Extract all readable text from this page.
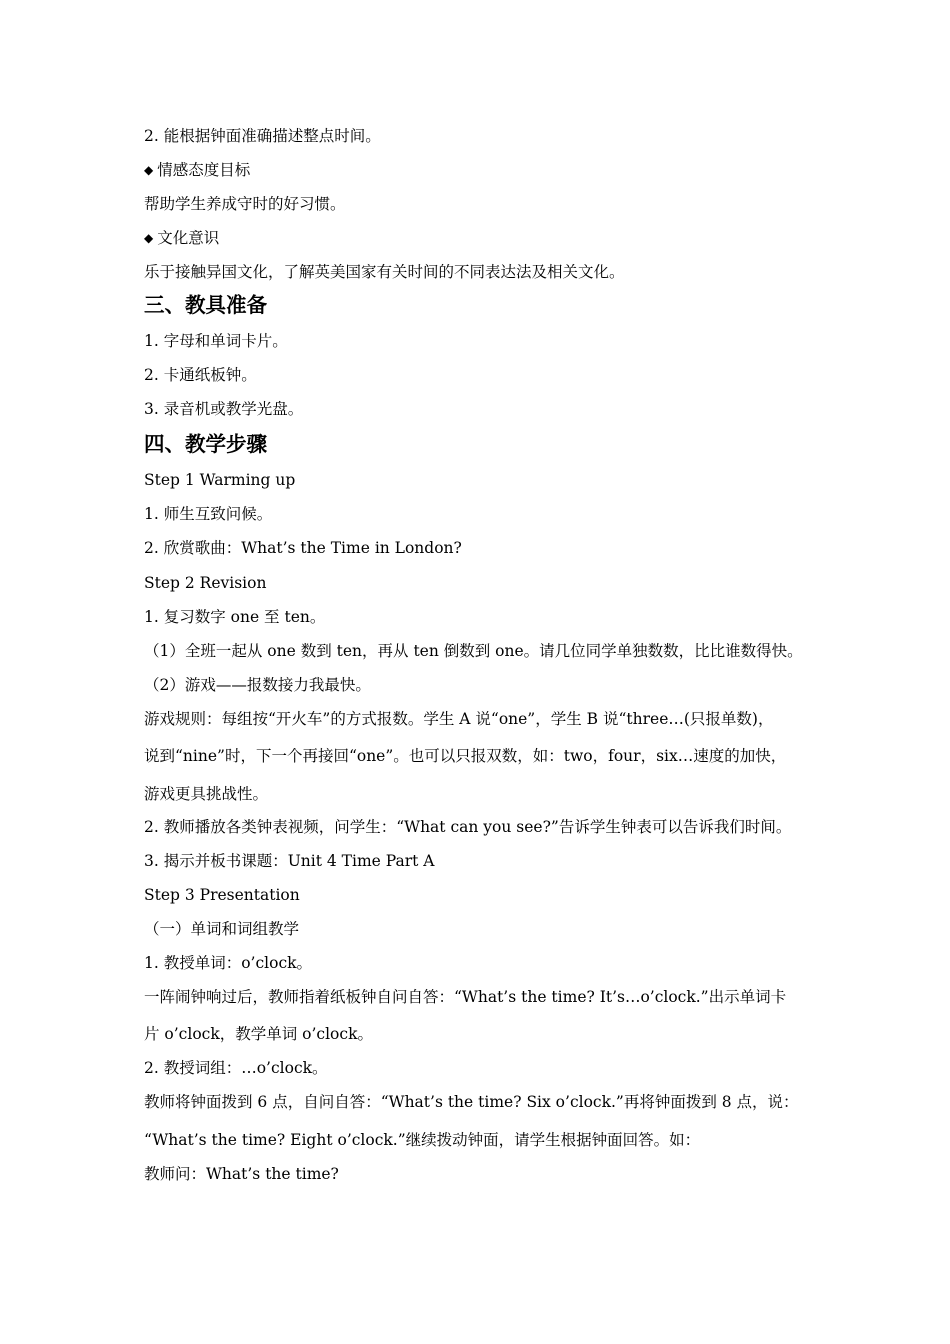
2. 能根据钟面准确描述整点时间。
◆ 情感态度目标
帮助学生养成守时的好习惯。
◆ 文化意识
乐于接触异国文化，了解英美国家有关时间的不同表达法及相关文化。
三、教具准备
1. 字母和单词卡片。
2. 卡通纸板钟。
3. 录音机或教学光盘。
四、教学步骤
Step 1 Warming up
1. 师生互致问候。
2. 欣赏歌曲：What’s the Time in London?
Step 2 Revision
1. 复习数字 one 至 ten。
（1）全班一起从 one 数到 ten，再从 ten 倒数到 one。请几位同学单独数数，比比谁数得快。
（2）游戏——报数接力我最快。
游戏规则：每组按“开火车”的方式报数。学生 A 说“one”，学生 B 说“three…(只报单数)，
说到“nine”时，下一个再接回“one”。也可以只报双数，如：two，four，six…速度的加快，
游戏更具挑战性。
2. 教师播放各类钟表视频，问学生：“What can you see?”告诉学生钟表可以告诉我们时间。
3. 揭示并板书课题：Unit 4 Time Part A
Step 3 Presentation
（一）单词和词组教学
1. 教授单词：o’clock。
一阵闹钟响过后，教师指着纸板钟自问自答：“What’s the time? It’s…o’clock.”出示单词卡
片 o’clock，教学单词 o’clock。
2. 教授词组：…o’clock。
教师将钟面拨到 6 点，自问自答：“What’s the time? Six o’clock.”再将钟面拨到 8 点，说：
“What’s the time? Eight o’clock.”继续拨动钟面，请学生根据钟面回答。如：
教师问：What’s the time?
